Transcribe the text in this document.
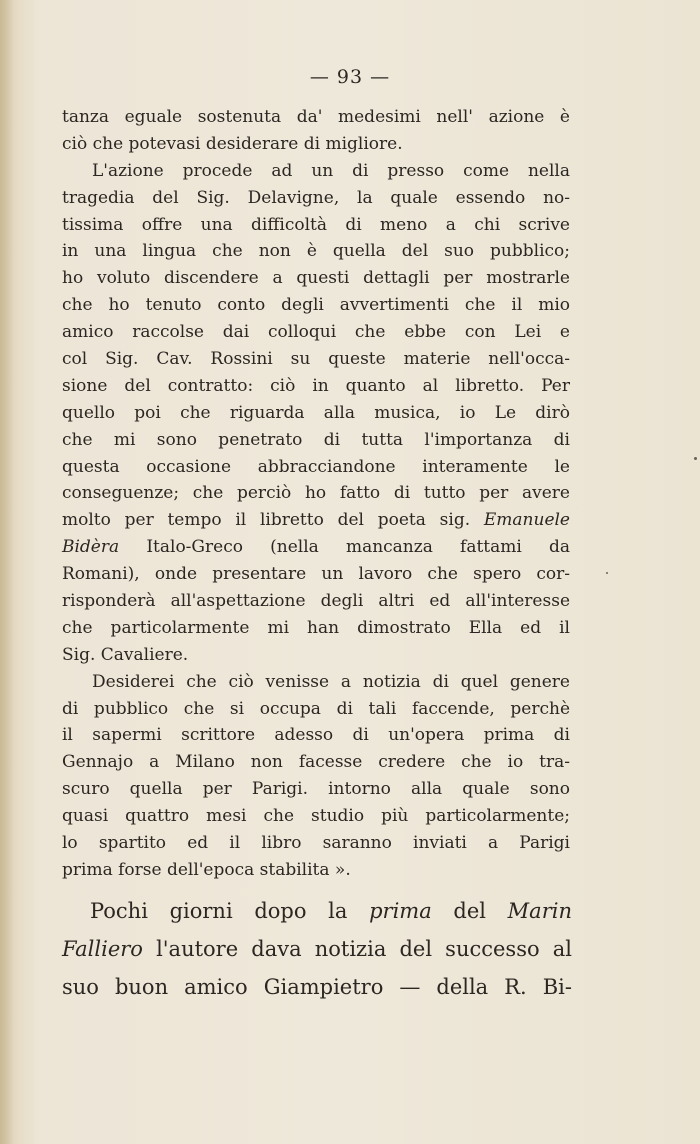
— 93 —
tanza eguale sostenuta da' medesimi nell' azione è
ciò che potevasi desiderare di migliore.
L'azione procede ad un di presso come nella
tragedia del Sig. Delavigne, la quale essendo no-
tissima offre una difficoltà di meno a chi scrive
in una lingua che non è quella del suo pubblico;
ho voluto discendere a questi dettagli per mostrarle
che ho tenuto conto degli avvertimenti che il mio
amico raccolse dai colloqui che ebbe con Lei e
col Sig. Cav. Rossini su queste materie nell'occa-
sione del contratto: ciò in quanto al libretto. Per
quello poi che riguarda alla musica, io Le dirò
che mi sono penetrato di tutta l'importanza di
questa occasione abbracciandone interamente le
conseguenze; che perciò ho fatto di tutto per avere
molto per tempo il libretto del poeta sig. Emanuele
Bidèra Italo-Greco (nella mancanza fattami da
Romani), onde presentare un lavoro che spero cor-
risponderà all'aspettazione degli altri ed all'interesse
che particolarmente mi han dimostrato Ella ed il
Sig. Cavaliere.
Desiderei che ciò venisse a notizia di quel genere
di pubblico che si occupa di tali faccende, perchè
il sapermi scrittore adesso di un'opera prima di
Gennajo a Milano non facesse credere che io tra-
scuro quella per Parigi. intorno alla quale sono
quasi quattro mesi che studio più particolarmente;
lo spartito ed il libro saranno inviati a Parigi
prima forse dell'epoca stabilita ».
Pochi giorni dopo la prima del Marin
Falliero l'autore dava notizia del successo al
suo buon amico Giampietro — della R. Bi-
